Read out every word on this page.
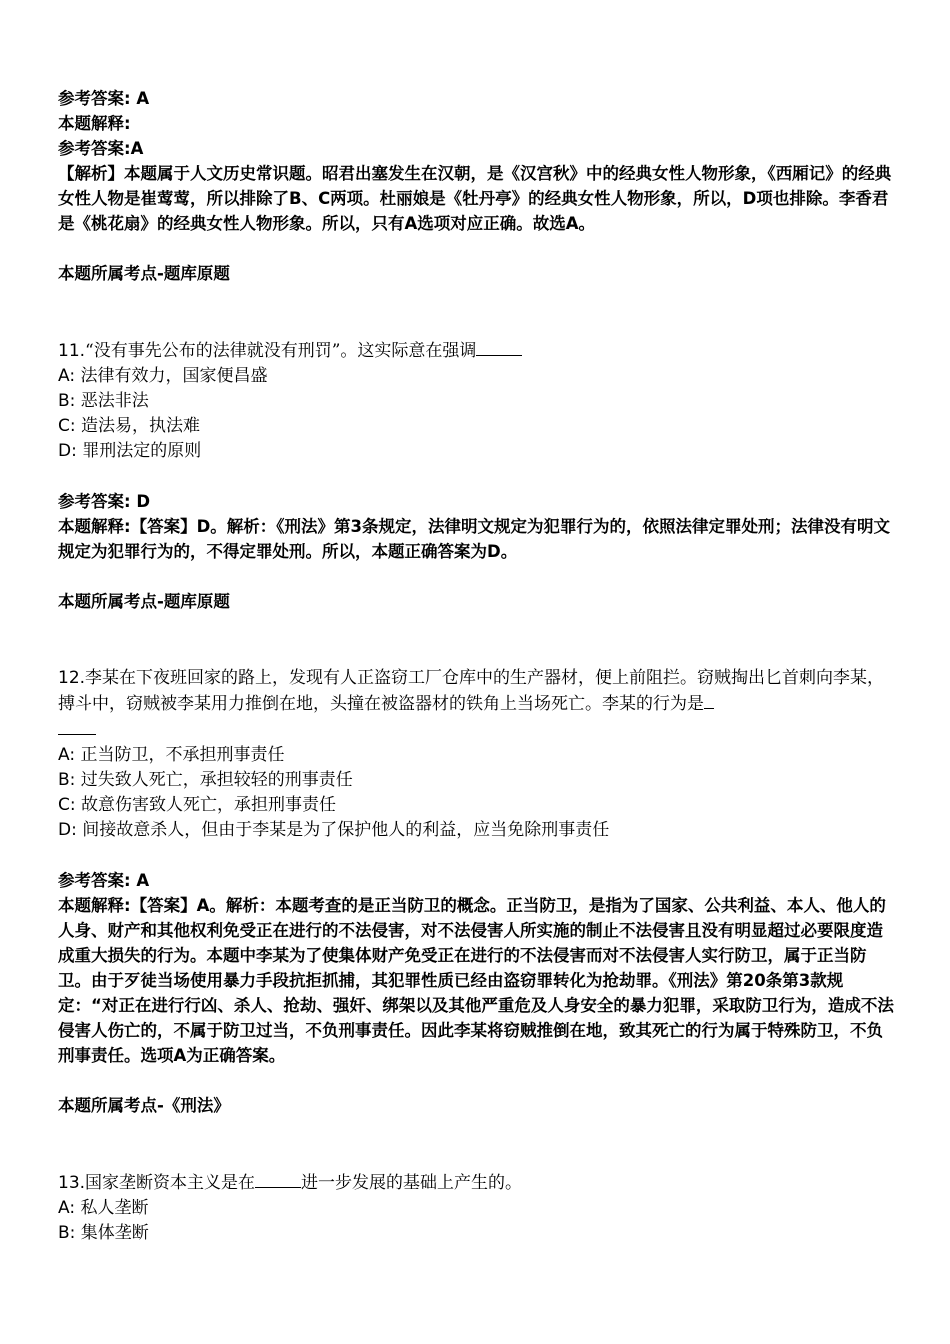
参考答案: A
本题解释:
参考答案:A

【解析】本题属于人文历史常识题。昭君出塞发生在汉朝，是《汉宫秋》中的经典女性人物形象，《西厢记》的经典女性人物是崔莺莺，所以排除了B、C两项。杜丽娘是《牡丹亭》的经典女性人物形象，所以，D项也排除。李香君是《桃花扇》的经典女性人物形象。所以，只有A选项对应正确。故选A。

本题所属考点-题库原题
11.“没有事先公布的法律就没有刑罚”。这实际意在强调
A: 法律有效力，国家便昌盛
B: 恶法非法
C: 造法易，执法难
D: 罪刑法定的原则
参考答案: D

本题解释:【答案】D。解析：《刑法》第3条规定，法律明文规定为犯罪行为的，依照法律定罪处刑；法律没有明文规定为犯罪行为的，不得定罪处刑。所以，本题正确答案为D。

本题所属考点-题库原题
12.李某在下夜班回家的路上，发现有人正盗窃工厂仓库中的生产器材，便上前阻拦。窃贼掏出匕首刺向李某，搏斗中，窃贼被李某用力推倒在地，头撞在被盗器材的铁角上当场死亡。李某的行为是

A: 正当防卫，不承担刑事责任
B: 过失致人死亡，承担较轻的刑事责任
C: 故意伤害致人死亡，承担刑事责任
D: 间接故意杀人，但由于李某是为了保护他人的利益，应当免除刑事责任
参考答案: A

本题解释:【答案】A。解析：本题考查的是正当防卫的概念。正当防卫，是指为了国家、公共利益、本人、他人的人身、财产和其他权利免受正在进行的不法侵害，对不法侵害人所实施的制止不法侵害且没有明显超过必要限度造成重大损失的行为。本题中李某为了使集体财产免受正在进行的不法侵害而对不法侵害人实行防卫，属于正当防卫。由于歹徒当场使用暴力手段抗拒抓捕，其犯罪性质已经由盗窃罪转化为抢劫罪。《刑法》第20条第3款规定：“对正在进行行凶、杀人、抢劫、强奸、绑架以及其他严重危及人身安全的暴力犯罪，采取防卫行为，造成不法侵害人伤亡的，不属于防卫过当，不负刑事责任。因此李某将窃贼推倒在地，致其死亡的行为属于特殊防卫，不负刑事责任。选项A为正确答案。

本题所属考点-《刑法》
13.国家垄断资本主义是在	进一步发展的基础上产生的。
A: 私人垄断
B: 集体垄断
